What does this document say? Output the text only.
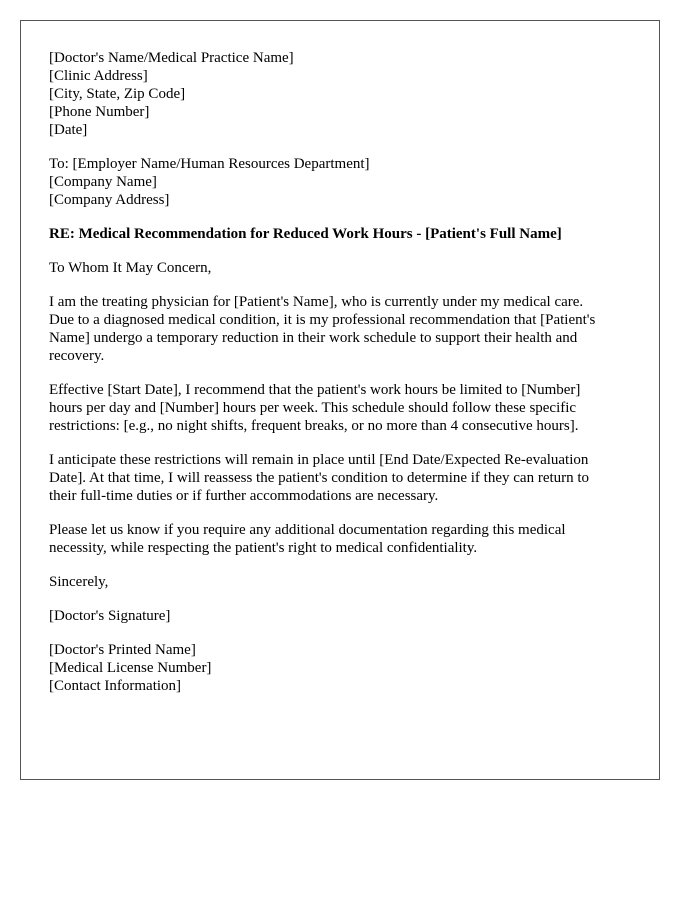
[Doctor's Name/Medical Practice Name]
[Clinic Address]
[City, State, Zip Code]
[Phone Number]
[Date]
To: [Employer Name/Human Resources Department]
[Company Name]
[Company Address]
RE: Medical Recommendation for Reduced Work Hours - [Patient's Full Name]
To Whom It May Concern,
I am the treating physician for [Patient's Name], who is currently under my medical care.
Due to a diagnosed medical condition, it is my professional recommendation that [Patient's
Name] undergo a temporary reduction in their work schedule to support their health and
recovery.
Effective [Start Date], I recommend that the patient's work hours be limited to [Number]
hours per day and [Number] hours per week. This schedule should follow these specific
restrictions: [e.g., no night shifts, frequent breaks, or no more than 4 consecutive hours].
I anticipate these restrictions will remain in place until [End Date/Expected Re-evaluation
Date]. At that time, I will reassess the patient's condition to determine if they can return to
their full-time duties or if further accommodations are necessary.
Please let us know if you require any additional documentation regarding this medical
necessity, while respecting the patient's right to medical confidentiality.
Sincerely,
[Doctor's Signature]
[Doctor's Printed Name]
[Medical License Number]
[Contact Information]
